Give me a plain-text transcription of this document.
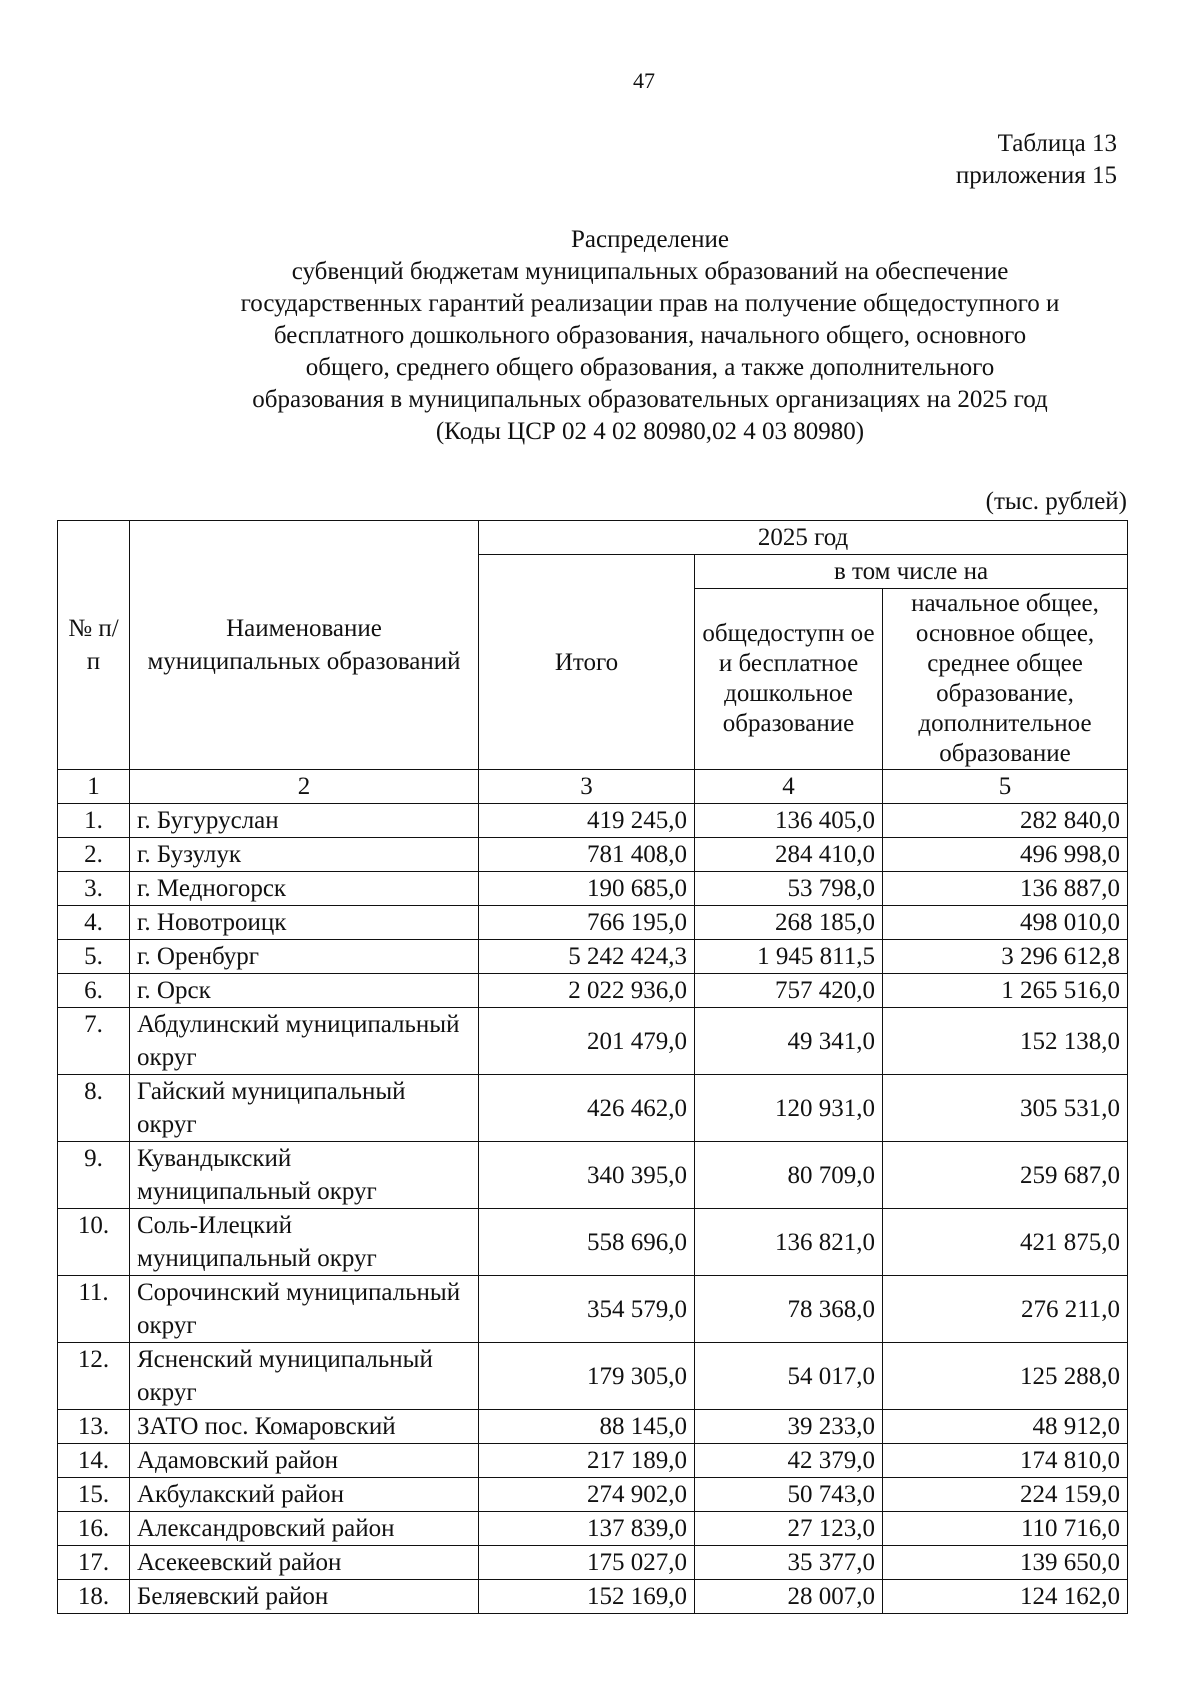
47
Таблица 13
приложения 15
Распределение
субвенций бюджетам муниципальных образований на обеспечение
государственных гарантий реализации прав на получение общедоступного и
бесплатного дошкольного образования, начального общего, основного
общего, среднего общего образования, а также дополнительного
образования в муниципальных образовательных организациях на 2025 год
(Коды ЦСР 02 4 02 80980,02 4 03 80980)
(тыс. рублей)
№ п/п	Наименование муниципальных образований	2025 год		
		Итого	в том числе на	
			общедоступн ое и бесплатное дошкольное образование	начальное общее, основное общее, среднее общее образование, дополнительное образование
1	2	3	4	5
1.	г. Бугуруслан	419 245,0	136 405,0	282 840,0
2.	г. Бузулук	781 408,0	284 410,0	496 998,0
3.	г. Медногорск	190 685,0	53 798,0	136 887,0
4.	г. Новотроицк	766 195,0	268 185,0	498 010,0
5.	г. Оренбург	5 242 424,3	1 945 811,5	3 296 612,8
6.	г. Орск	2 022 936,0	757 420,0	1 265 516,0
7.	Абдулинский муниципальный округ	201 479,0	49 341,0	152 138,0
8.	Гайский муниципальный округ	426 462,0	120 931,0	305 531,0
9.	Кувандыкский муниципальный округ	340 395,0	80 709,0	259 687,0
10.	Соль-Илецкий муниципальный округ	558 696,0	136 821,0	421 875,0
11.	Сорочинский муниципальный округ	354 579,0	78 368,0	276 211,0
12.	Ясненский муниципальный округ	179 305,0	54 017,0	125 288,0
13.	ЗАТО пос. Комаровский	88 145,0	39 233,0	48 912,0
14.	Адамовский район	217 189,0	42 379,0	174 810,0
15.	Акбулакский район	274 902,0	50 743,0	224 159,0
16.	Александровский район	137 839,0	27 123,0	110 716,0
17.	Асекеевский район	175 027,0	35 377,0	139 650,0
18.	Беляевский район	152 169,0	28 007,0	124 162,0
